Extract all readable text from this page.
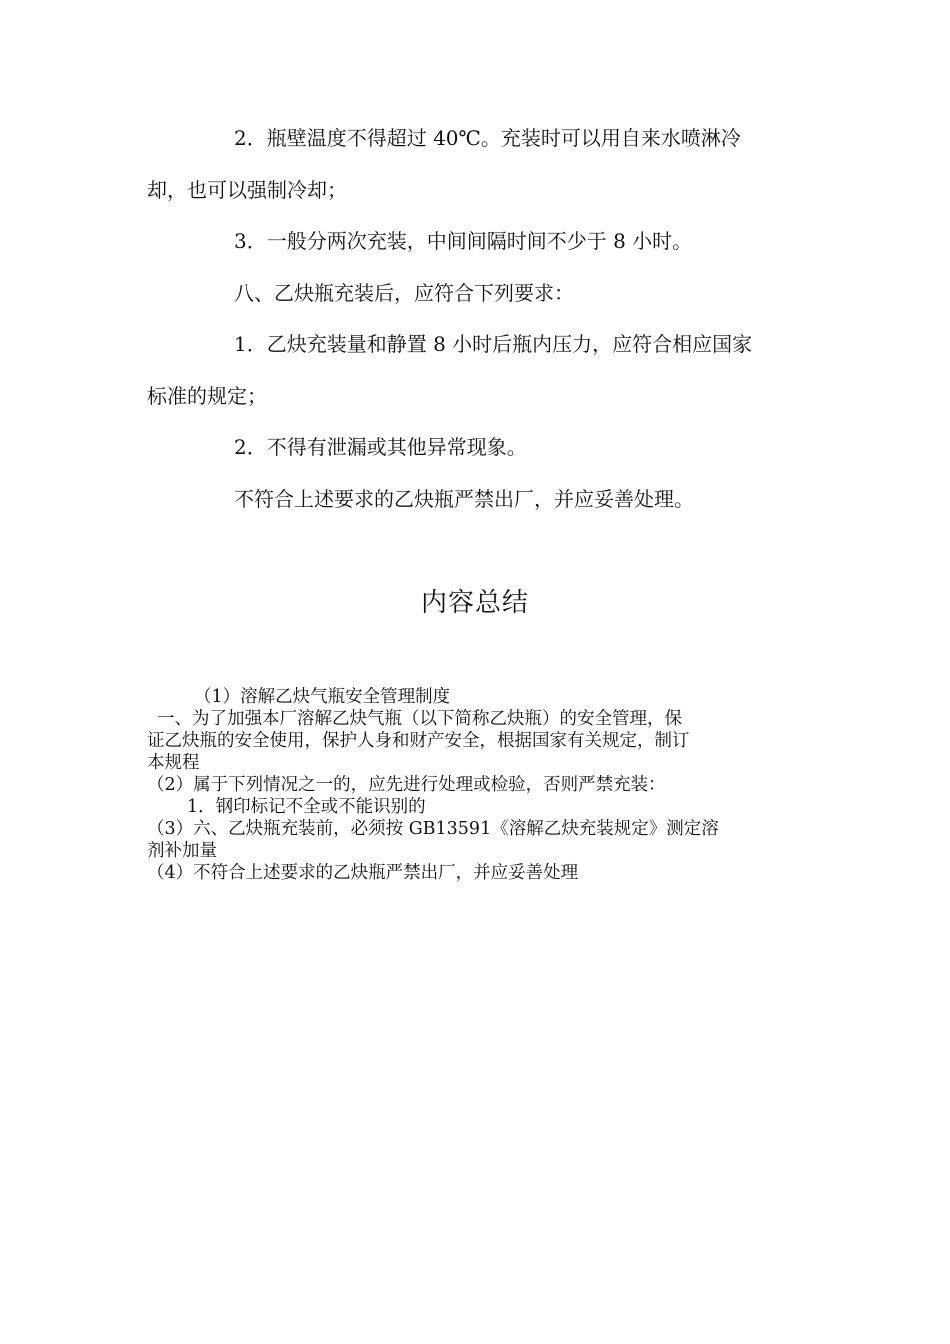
2．瓶壁温度不得超过 40℃。充装时可以用自来水喷淋冷
却，也可以强制冷却；
3．一般分两次充装，中间间隔时间不少于 8 小时。
八、乙炔瓶充装后，应符合下列要求：
1．乙炔充装量和静置 8 小时后瓶内压力，应符合相应国家
标准的规定；
2．不得有泄漏或其他异常现象。
不符合上述要求的乙炔瓶严禁出厂，并应妥善处理。
内容总结
（1）溶解乙炔气瓶安全管理制度
一、为了加强本厂溶解乙炔气瓶（以下简称乙炔瓶）的安全管理，保
证乙炔瓶的安全使用，保护人身和财产安全，根据国家有关规定，制订
本规程
（2）属于下列情况之一的，应先进行处理或检验，否则严禁充装：
1．钢印标记不全或不能识别的
（3）六、乙炔瓶充装前，必须按 GB13591《溶解乙炔充装规定》测定溶
剂补加量
（4）不符合上述要求的乙炔瓶严禁出厂，并应妥善处理
